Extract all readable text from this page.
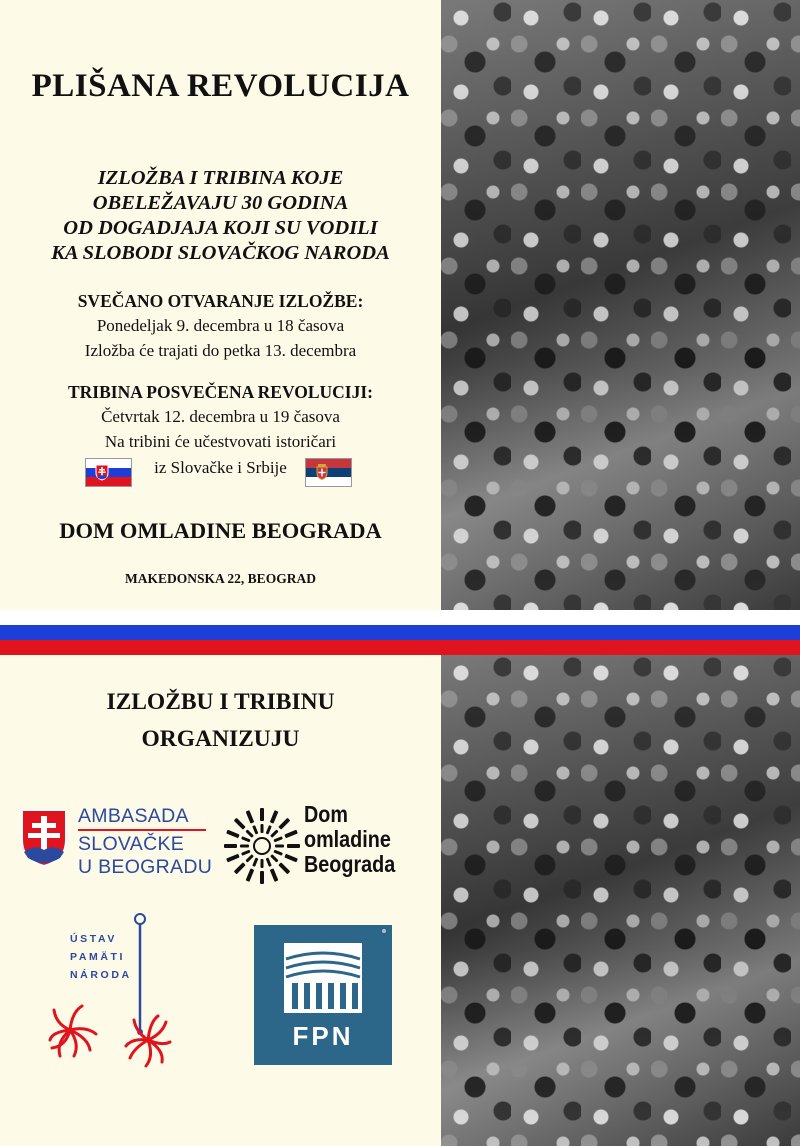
PLIŠANA REVOLUCIJA
IZLOŽBA I TRIBINA KOJE
OBELEŽAVAJU 30 GODINA
OD DOGADJAJA KOJI SU VODILI
KA SLOBODI SLOVAČKOG NARODA
SVEČANO OTVARANJE IZLOŽBE:
Ponedeljak 9. decembra u 18 časova
Izložba će trajati do petka 13. decembra
TRIBINA POSVEČENA REVOLUCIJI:
Četvrtak 12. decembra u 19 časova
Na tribini će učestvovati istoričari
iz Slovačke i Srbije
DOM OMLADINE BEOGRADA
MAKEDONSKA 22, BEOGRAD
IZLOŽBU I TRIBINU
ORGANIZUJU
AMBASADA
SLOVAČKE
U BEOGRADU
Dom
omladine
Beograda
ÚSTAV
PAMÄTI
NÁRODA
FPN
